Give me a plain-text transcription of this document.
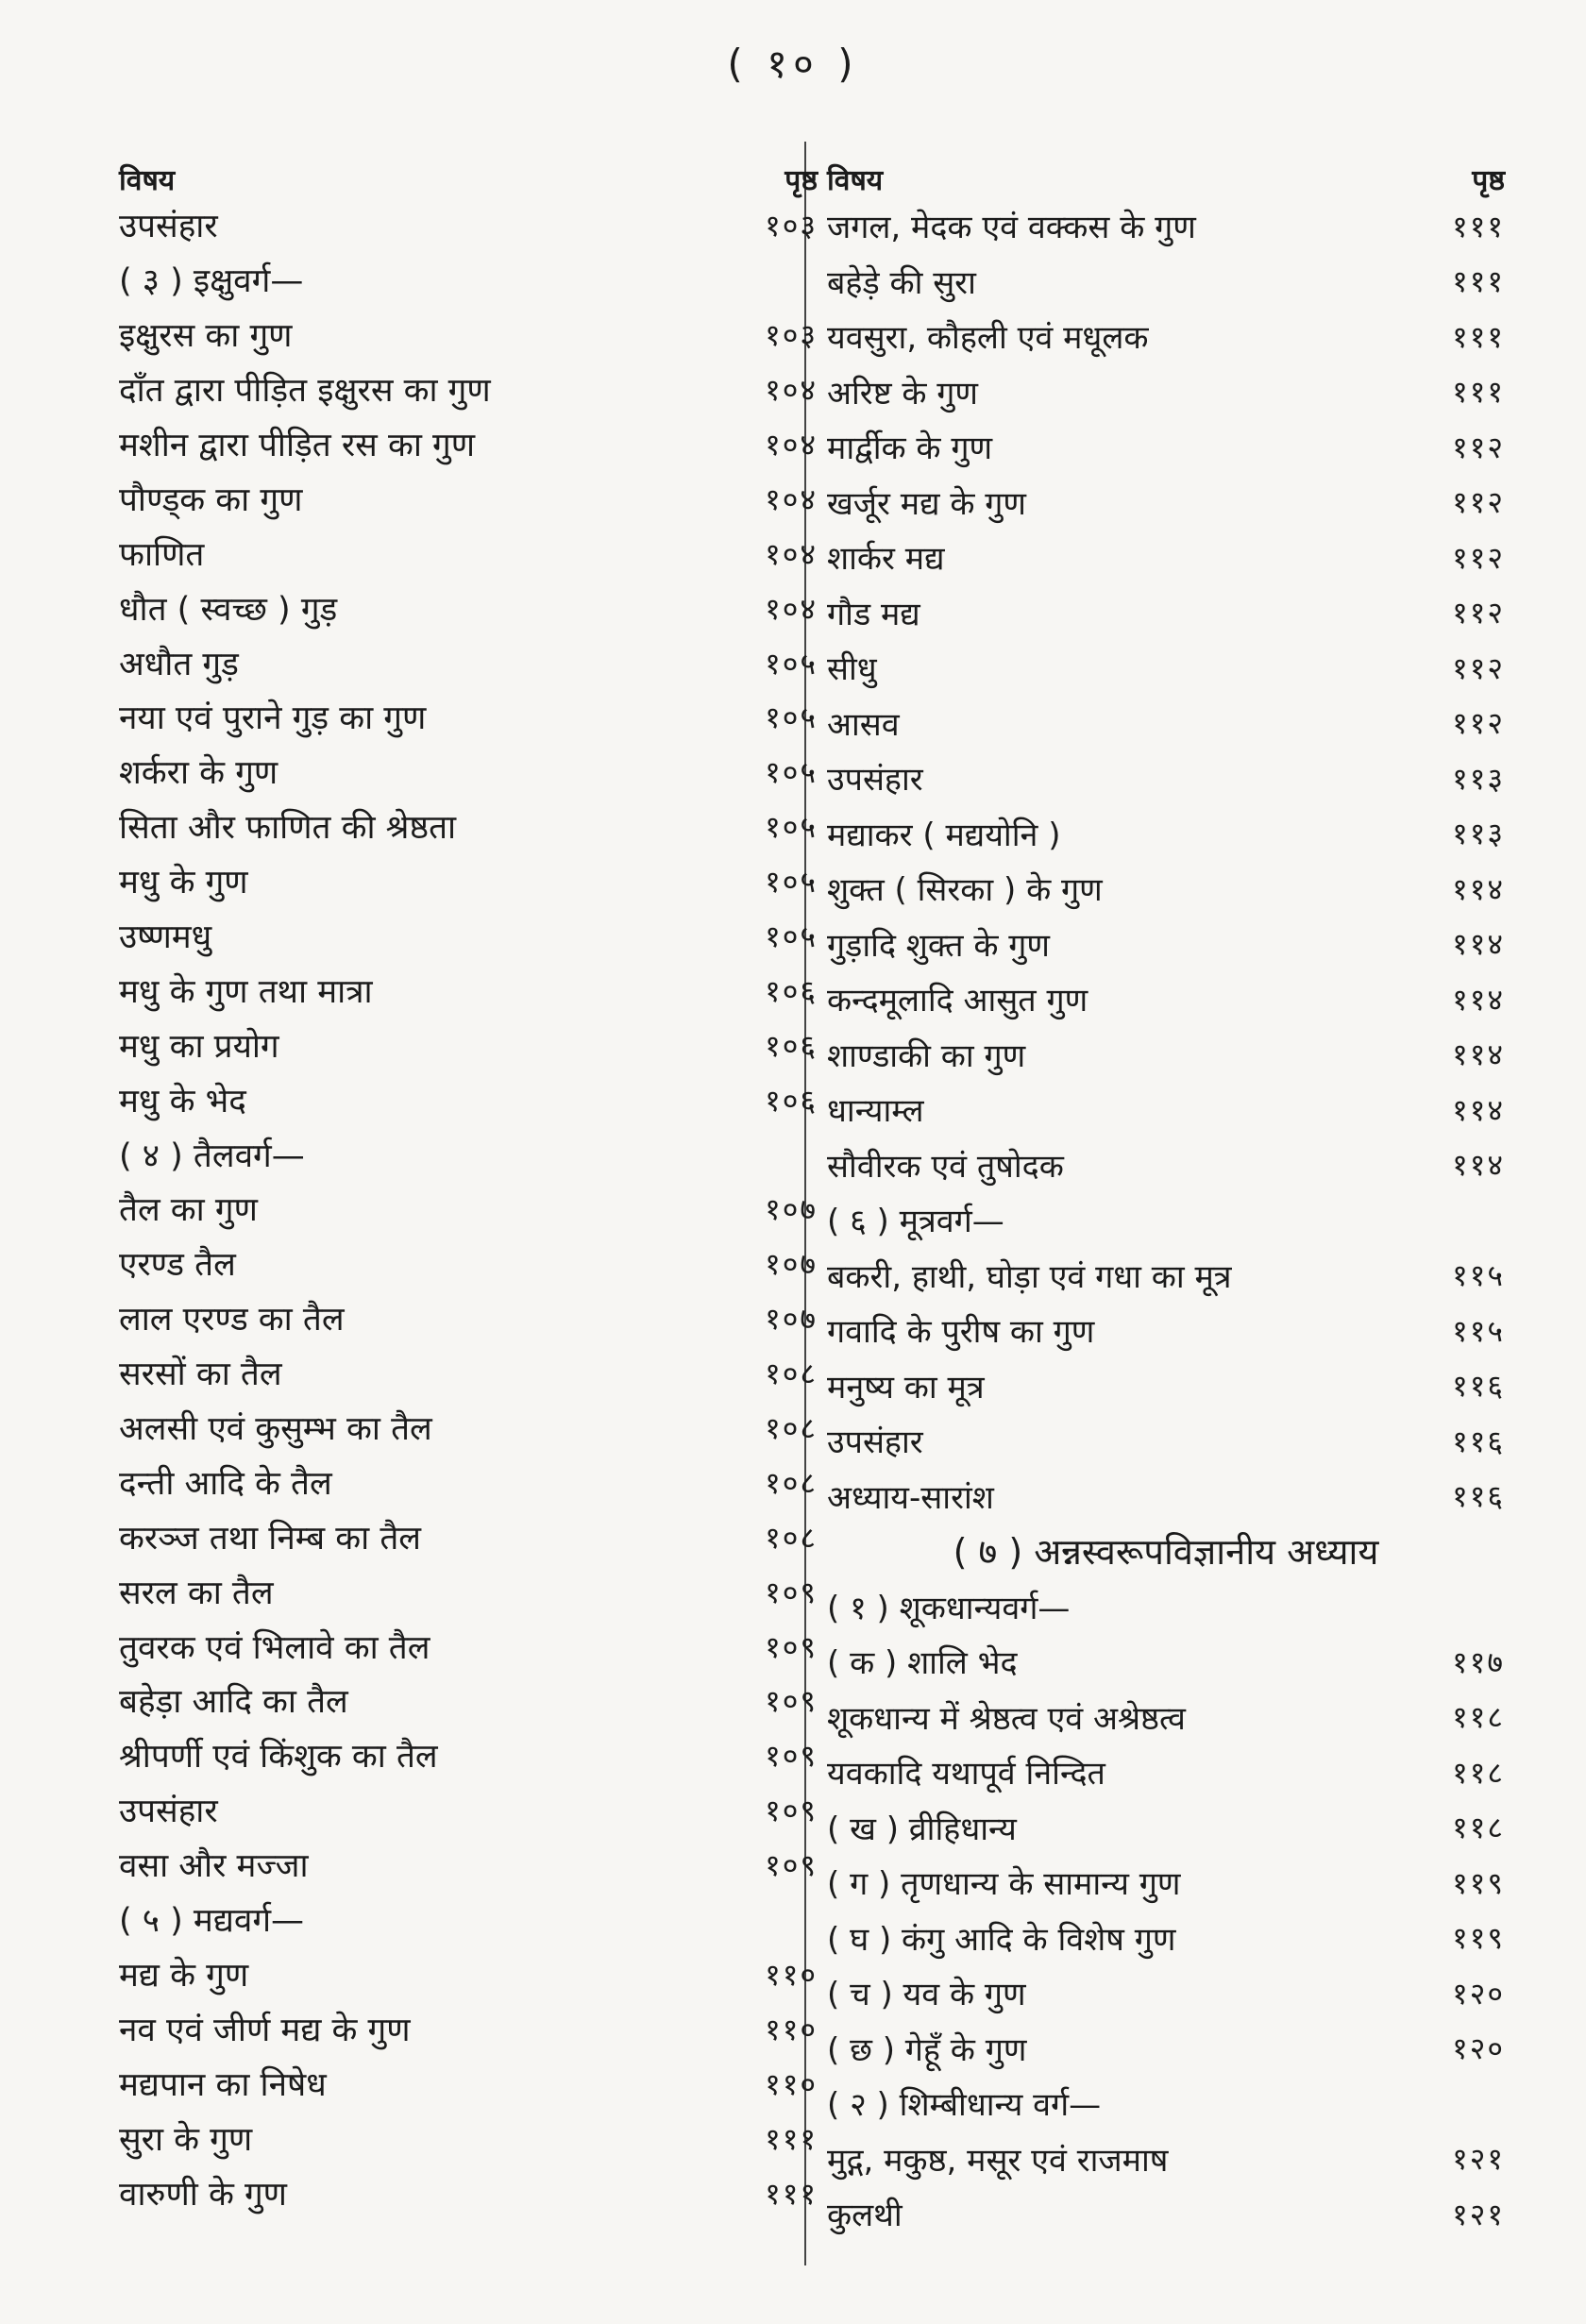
( १० )
विषय	पृष्ठ
उपसंहार	१०३
( ३ ) इक्षुवर्ग—
इक्षुरस का गुण	१०३
दाँत द्वारा पीड़ित इक्षुरस का गुण	१०४
मशीन द्वारा पीड़ित रस का गुण	१०४
पौण्ड्क का गुण	१०४
फाणित	१०४
धौत ( स्वच्छ ) गुड़	१०४
अधौत गुड़	१०५
नया एवं पुराने गुड़ का गुण	१०५
शर्करा के गुण	१०५
सिता और फाणित की श्रेष्ठता	१०५
मधु के गुण	१०५
उष्णमधु	१०५
मधु के गुण तथा मात्रा	१०६
मधु का प्रयोग	१०६
मधु के भेद	१०६
( ४ ) तैलवर्ग—
तैल का गुण	१०७
एरण्ड तैल	१०७
लाल एरण्ड का तैल	१०७
सरसों का तैल	१०८
अलसी एवं कुसुम्भ का तैल	१०८
दन्ती आदि के तैल	१०८
करञ्ज तथा निम्ब का तैल	१०८
सरल का तैल	१०९
तुवरक एवं भिलावे का तैल	१०९
बहेड़ा आदि का तैल	१०९
श्रीपर्णी एवं किंशुक का तैल	१०९
उपसंहार	१०९
वसा और मज्जा	१०९
( ५ ) मद्यवर्ग—
मद्य के गुण	११०
नव एवं जीर्ण मद्य के गुण	११०
मद्यपान का निषेध	११०
सुरा के गुण	१११
वारुणी के गुण	१११
विषय	पृष्ठ
जगल, मेदक एवं वक्कस के गुण	१११
बहेड़े की सुरा	१११
यवसुरा, कौहली एवं मधूलक	१११
अरिष्ट के गुण	१११
मार्द्वीक के गुण	११२
खर्जूर मद्य के गुण	११२
शार्कर मद्य	११२
गौड मद्य	११२
सीधु	११२
आसव	११२
उपसंहार	११३
मद्याकर ( मद्ययोनि )	११३
शुक्त ( सिरका ) के गुण	११४
गुड़ादि शुक्त के गुण	११४
कन्दमूलादि आसुत गुण	११४
शाण्डाकी का गुण	११४
धान्याम्ल	११४
सौवीरक एवं तुषोदक	११४
( ६ ) मूत्रवर्ग—
बकरी, हाथी, घोड़ा एवं गधा का मूत्र	११५
गवादि के पुरीष का गुण	११५
मनुष्य का मूत्र	११६
उपसंहार	११६
अध्याय-सारांश	११६
( ७ ) अन्नस्वरूपविज्ञानीय अध्याय
( १ ) शूकधान्यवर्ग—
( क ) शालि भेद	११७
शूकधान्य में श्रेष्ठत्व एवं अश्रेष्ठत्व	११८
यवकादि यथापूर्व निन्दित	११८
( ख ) व्रीहिधान्य	११८
( ग ) तृणधान्य के सामान्य गुण	११९
( घ ) कंगु आदि के विशेष गुण	११९
( च ) यव के गुण	१२०
( छ ) गेहूँ के गुण	१२०
( २ ) शिम्बीधान्य वर्ग—
मुद्ग, मकुष्ठ, मसूर एवं राजमाष	१२१
कुलथी	१२१
